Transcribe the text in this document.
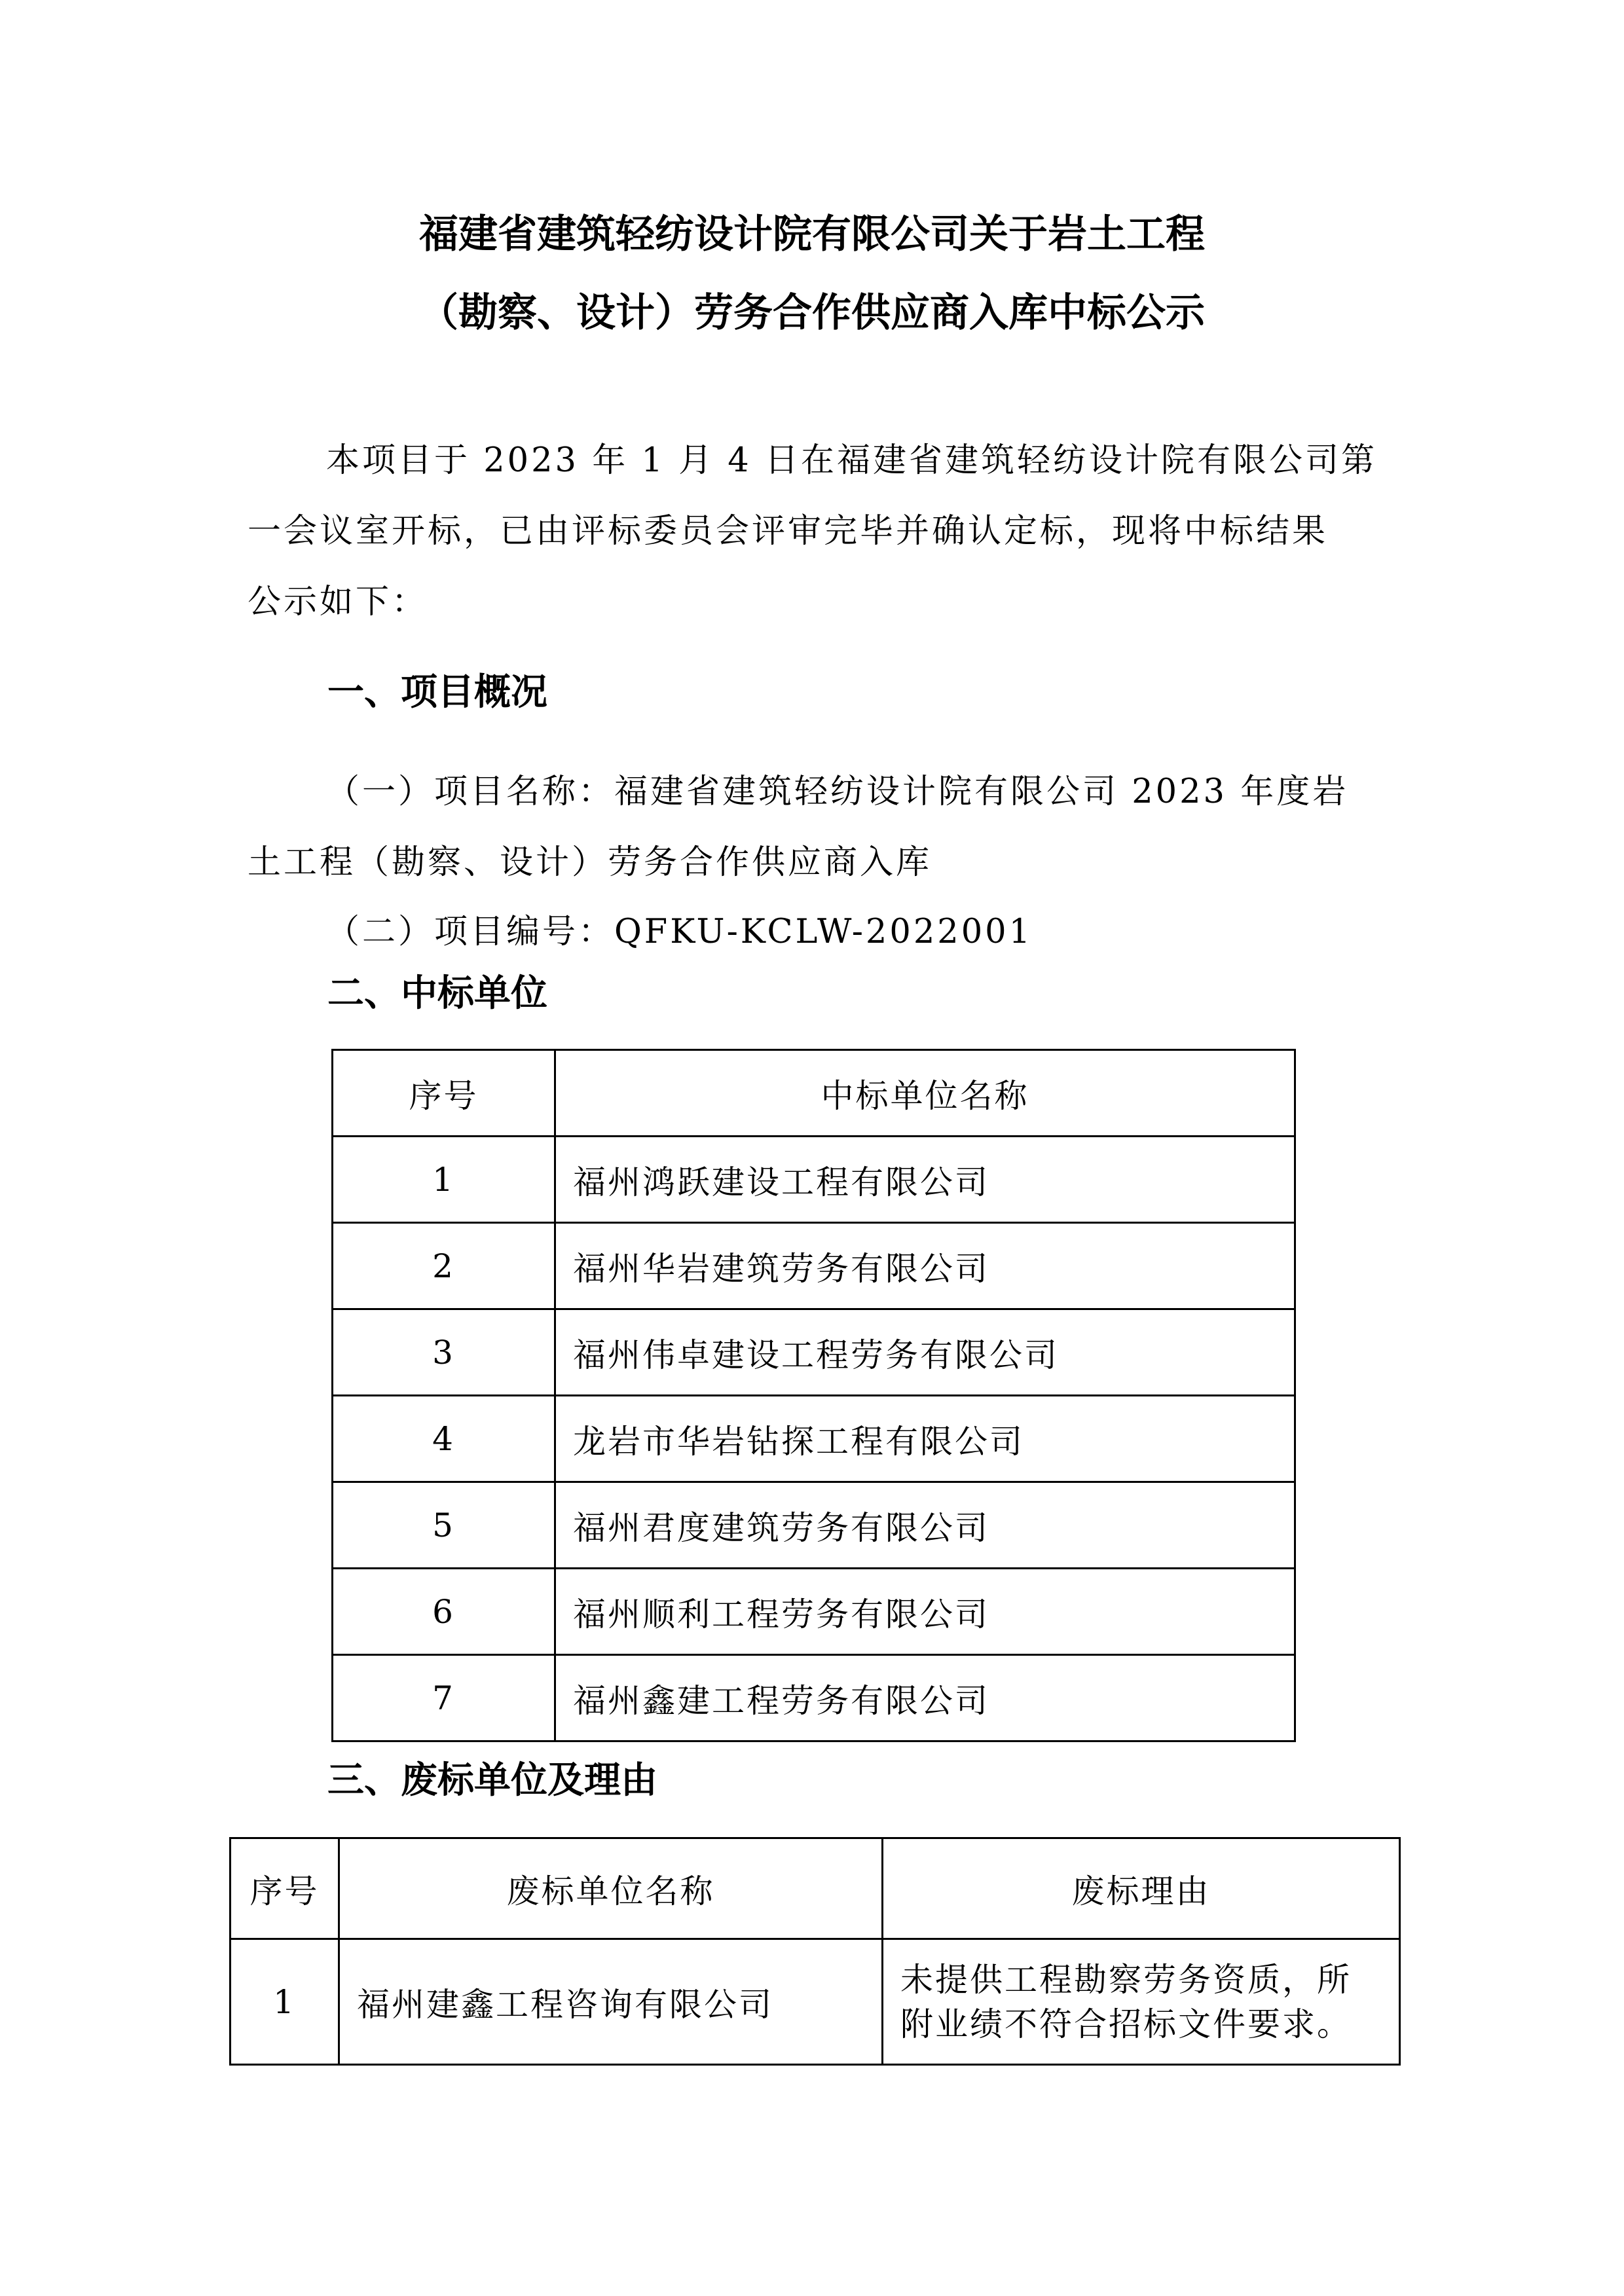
福建省建筑轻纺设计院有限公司关于岩土工程
（勘察、设计）劳务合作供应商入库中标公示
本项目于 2023 年 1 月 4 日在福建省建筑轻纺设计院有限公司第
一会议室开标，已由评标委员会评审完毕并确认定标，现将中标结果
公示如下：
一、项目概况
（一）项目名称：福建省建筑轻纺设计院有限公司 2023 年度岩
土工程（勘察、设计）劳务合作供应商入库
（二）项目编号：QFKU-KCLW-2022001
二、中标单位
序号	中标单位名称
1	福州鸿跃建设工程有限公司
2	福州华岩建筑劳务有限公司
3	福州伟卓建设工程劳务有限公司
4	龙岩市华岩钻探工程有限公司
5	福州君度建筑劳务有限公司
6	福州顺利工程劳务有限公司
7	福州鑫建工程劳务有限公司
三、废标单位及理由
序号	废标单位名称	废标理由
1	福州建鑫工程咨询有限公司	未提供工程勘察劳务资质，所
附业绩不符合招标文件要求。
